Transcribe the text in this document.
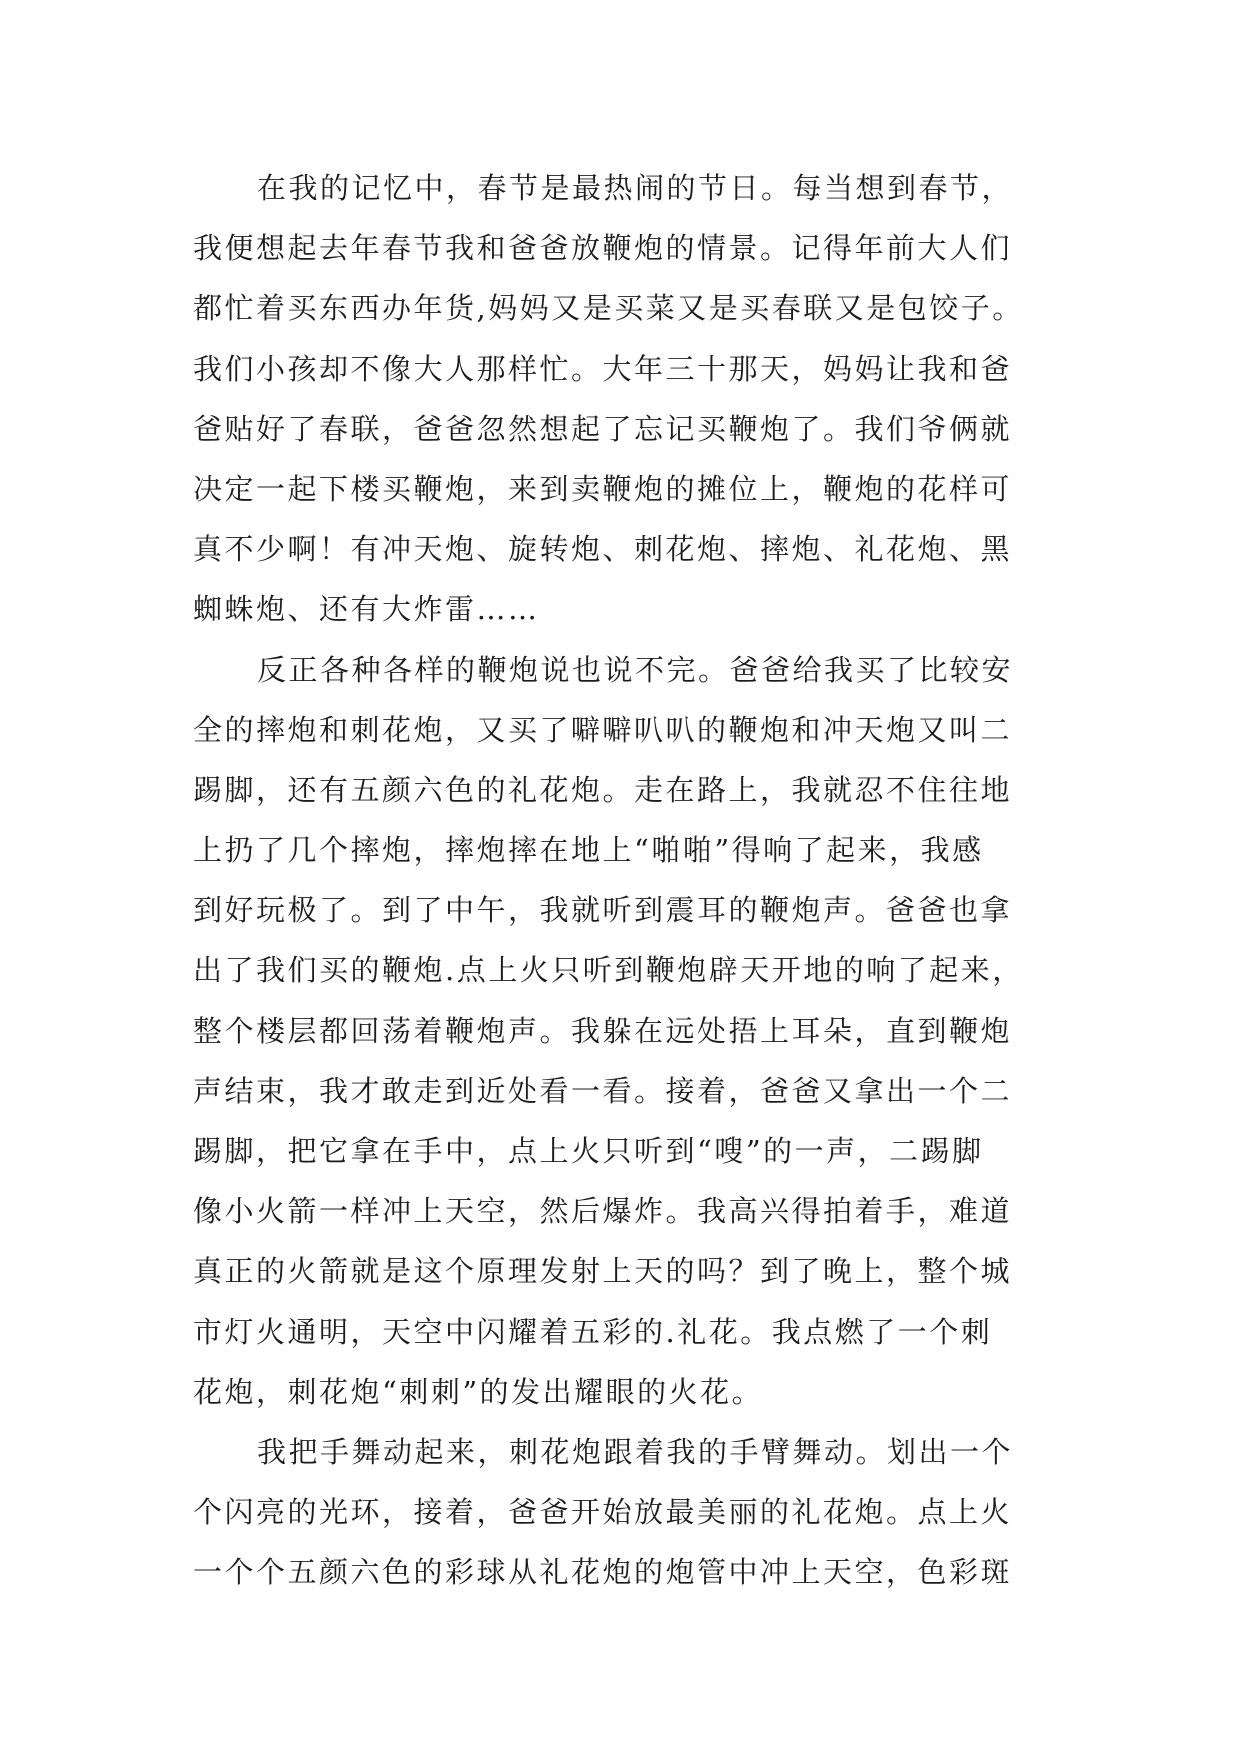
在我的记忆中，春节是最热闹的节日。每当想到春节，
我便想起去年春节我和爸爸放鞭炮的情景。记得年前大人们
都忙着买东西办年货,妈妈又是买菜又是买春联又是包饺子。
我们小孩却不像大人那样忙。大年三十那天，妈妈让我和爸
爸贴好了春联，爸爸忽然想起了忘记买鞭炮了。我们爷俩就
决定一起下楼买鞭炮，来到卖鞭炮的摊位上，鞭炮的花样可
真不少啊！有冲天炮、旋转炮、刺花炮、摔炮、礼花炮、黑
蜘蛛炮、还有大炸雷……
反正各种各样的鞭炮说也说不完。爸爸给我买了比较安
全的摔炮和刺花炮，又买了噼噼叭叭的鞭炮和冲天炮又叫二
踢脚，还有五颜六色的礼花炮。走在路上，我就忍不住往地
上扔了几个摔炮，摔炮摔在地上“啪啪”得响了起来，我感
到好玩极了。到了中午，我就听到震耳的鞭炮声。爸爸也拿
出了我们买的鞭炮.点上火只听到鞭炮辟天开地的响了起来，
整个楼层都回荡着鞭炮声。我躲在远处捂上耳朵，直到鞭炮
声结束，我才敢走到近处看一看。接着，爸爸又拿出一个二
踢脚，把它拿在手中，点上火只听到“嗖”的一声，二踢脚
像小火箭一样冲上天空，然后爆炸。我高兴得拍着手，难道
真正的火箭就是这个原理发射上天的吗？到了晚上，整个城
市灯火通明，天空中闪耀着五彩的.礼花。我点燃了一个刺
花炮，刺花炮“刺刺”的发出耀眼的火花。
我把手舞动起来，刺花炮跟着我的手臂舞动。划出一个
个闪亮的光环，接着，爸爸开始放最美丽的礼花炮。点上火
一个个五颜六色的彩球从礼花炮的炮管中冲上天空，色彩斑
